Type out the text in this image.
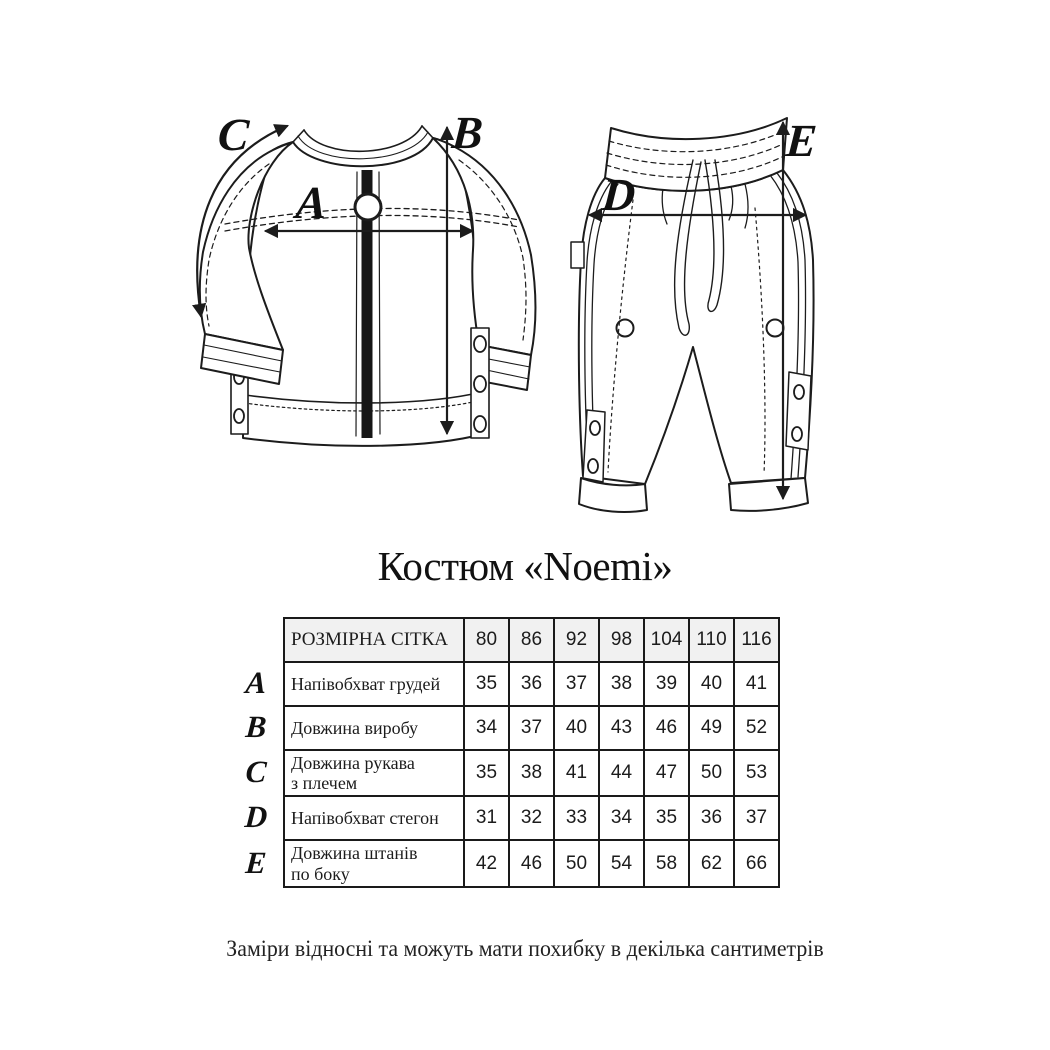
C	B
A	D
E
Костюм «Noemi»
A
B
C
D
E
РОЗМІРНА СІТКА	80	86	92	98	104	110	116

Напівобхват грудей	35	36	37	38	39	40	41

Довжина виробу	34	37	40	43	46	49	52

Довжина рукава
з плечем	35	38	41	44	47	50	53

Напівобхват стегон	31	32	33	34	35	36	37

Довжина штанів
по боку	42	46	50	54	58	62	66
Заміри відносні та можуть мати похибку в декілька сантиметрів
